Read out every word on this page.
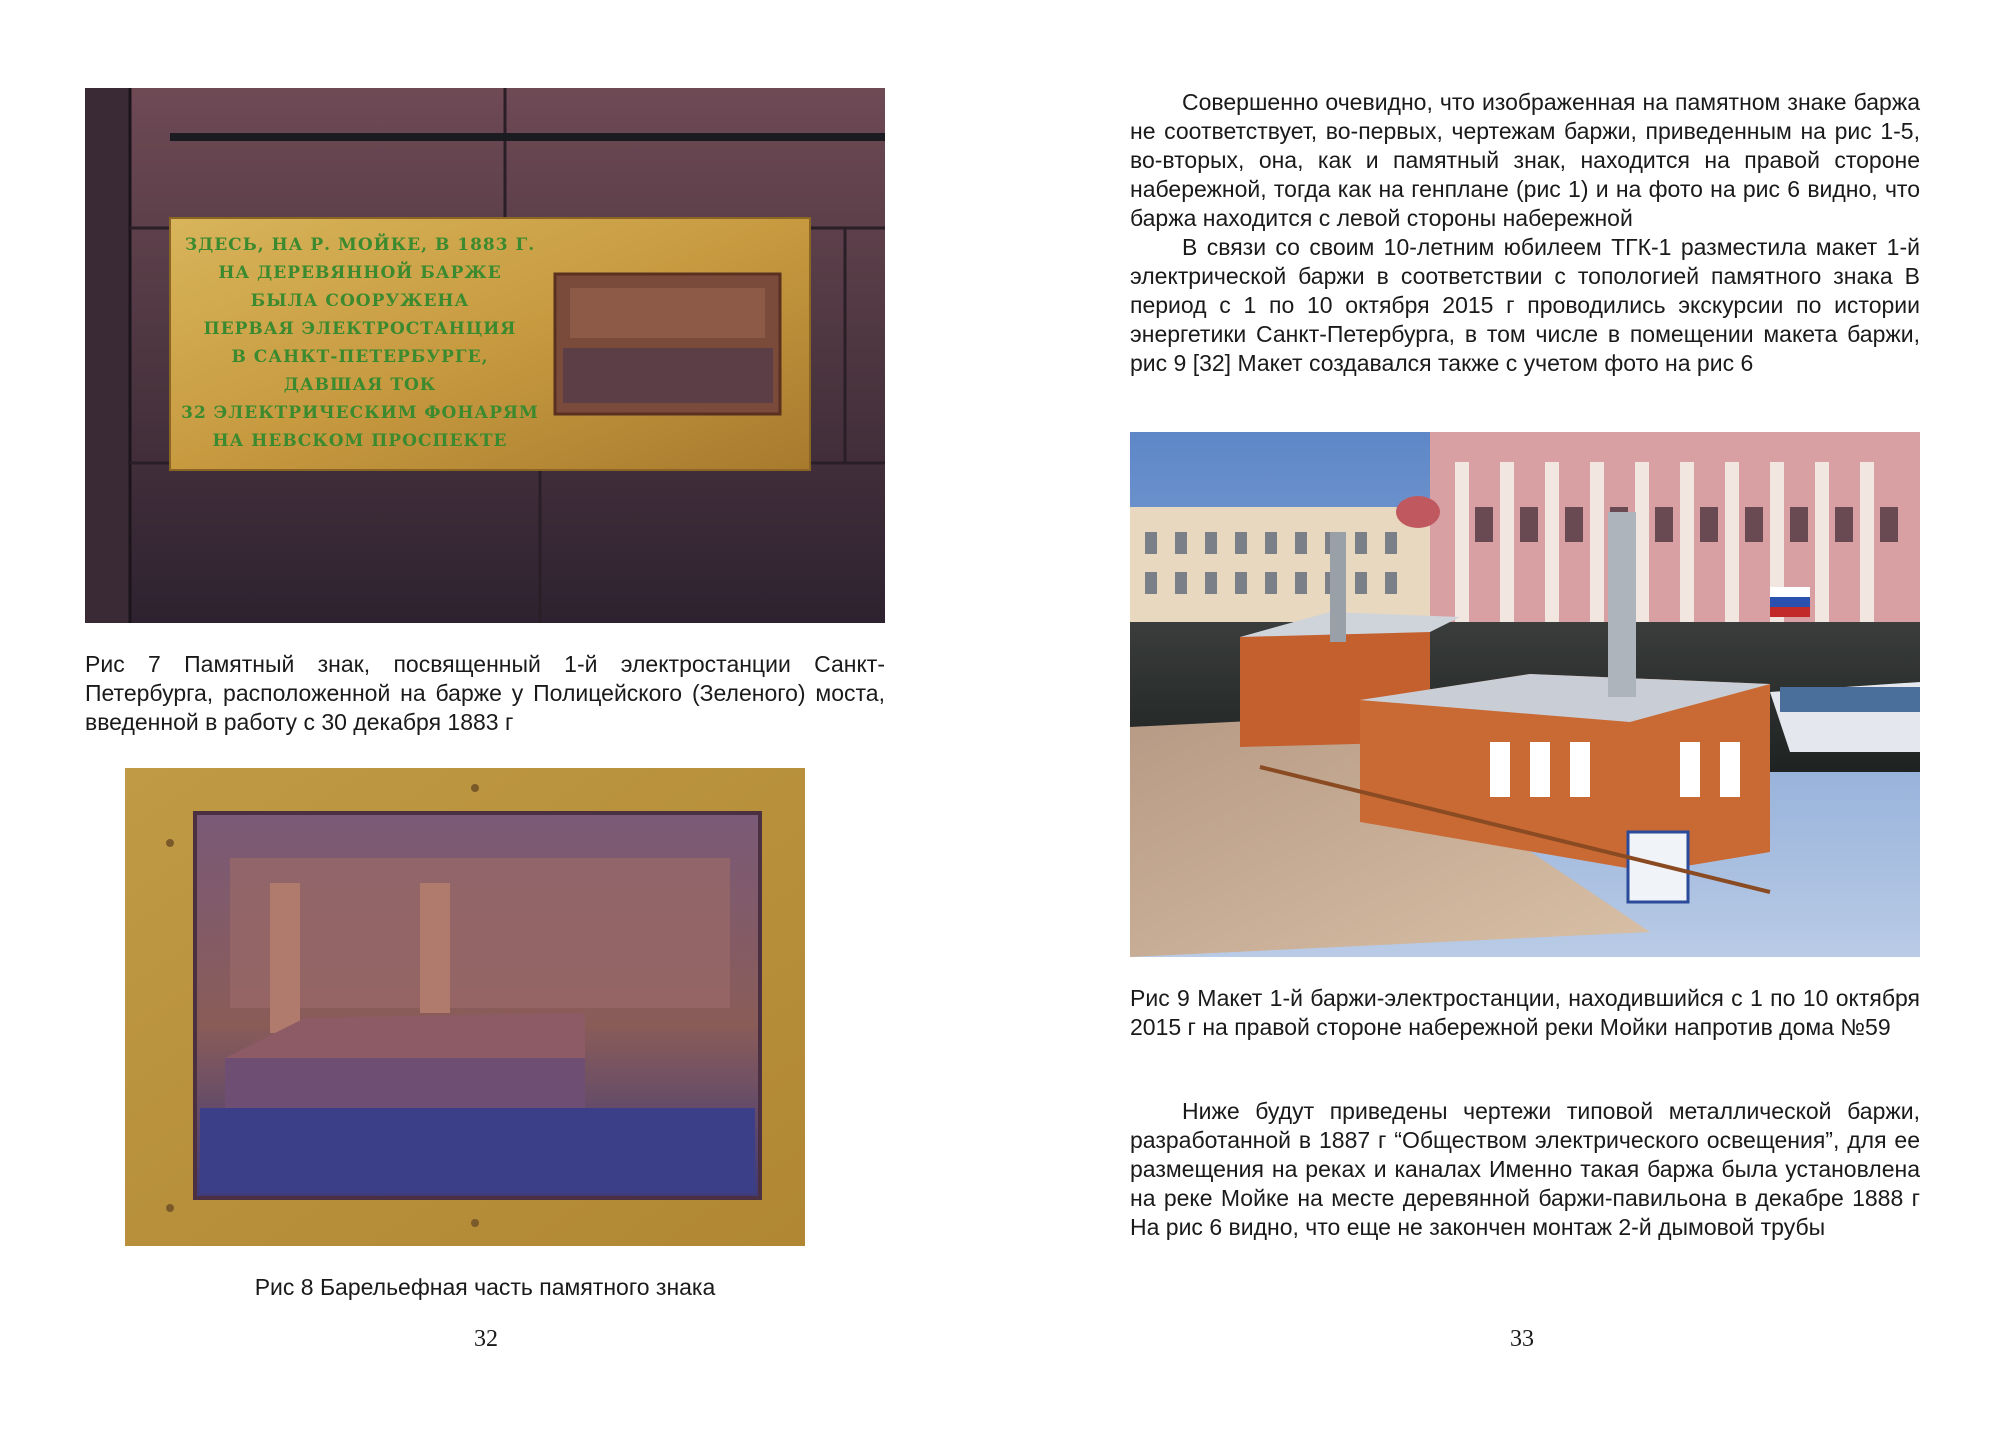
ЗДЕСЬ, НА Р. МОЙКЕ, В 1883 Г.
НА ДЕРЕВЯННОЙ БАРЖЕ
БЫЛА СООРУЖЕНА
ПЕРВАЯ ЭЛЕКТРОСТАНЦИЯ
В САНКТ-ПЕТЕРБУРГЕ,
ДАВШАЯ ТОК
32 ЭЛЕКТРИЧЕСКИМ ФОНАРЯМ
НА НЕВСКОМ ПРОСПЕКТЕ
Рис 7 Памятный знак, посвященный 1-й электростанции Санкт-Петербурга, расположенной на барже у Полицейского (Зеленого) моста, введенной в работу с 30 декабря 1883 г
Рис 8 Барельефная часть памятного знака
32

Совершенно очевидно, что изображенная на памятном знаке баржа не соответствует, во-первых, чертежам баржи, приведенным на рис 1-5, во-вторых, она, как и памятный знак, находится на правой стороне набережной, тогда как на генплане (рис 1) и на фото на рис 6 видно, что баржа находится с левой стороны набережной

В связи со своим 10-летним юбилеем ТГК-1 разместила макет 1-й электрической баржи в соответствии с топологией памятного знака В период с 1 по 10 октября 2015 г проводились экскурсии по истории энергетики Санкт-Петербурга, в том числе в помещении макета баржи, рис 9 [32] Макет создавался также с учетом фото на рис 6

Рис 9 Макет 1-й баржи-электростанции, находившийся с 1 по 10 октября 2015 г на правой стороне набережной реки Мойки напротив дома №59

Ниже будут приведены чертежи типовой металлической баржи, разработанной в 1887 г “Обществом электрического освещения”, для ее размещения на реках и каналах Именно такая баржа была установлена на реке Мойке на месте деревянной баржи-павильона в декабре 1888 г На рис 6 видно, что еще не закончен монтаж 2-й дымовой трубы

33
